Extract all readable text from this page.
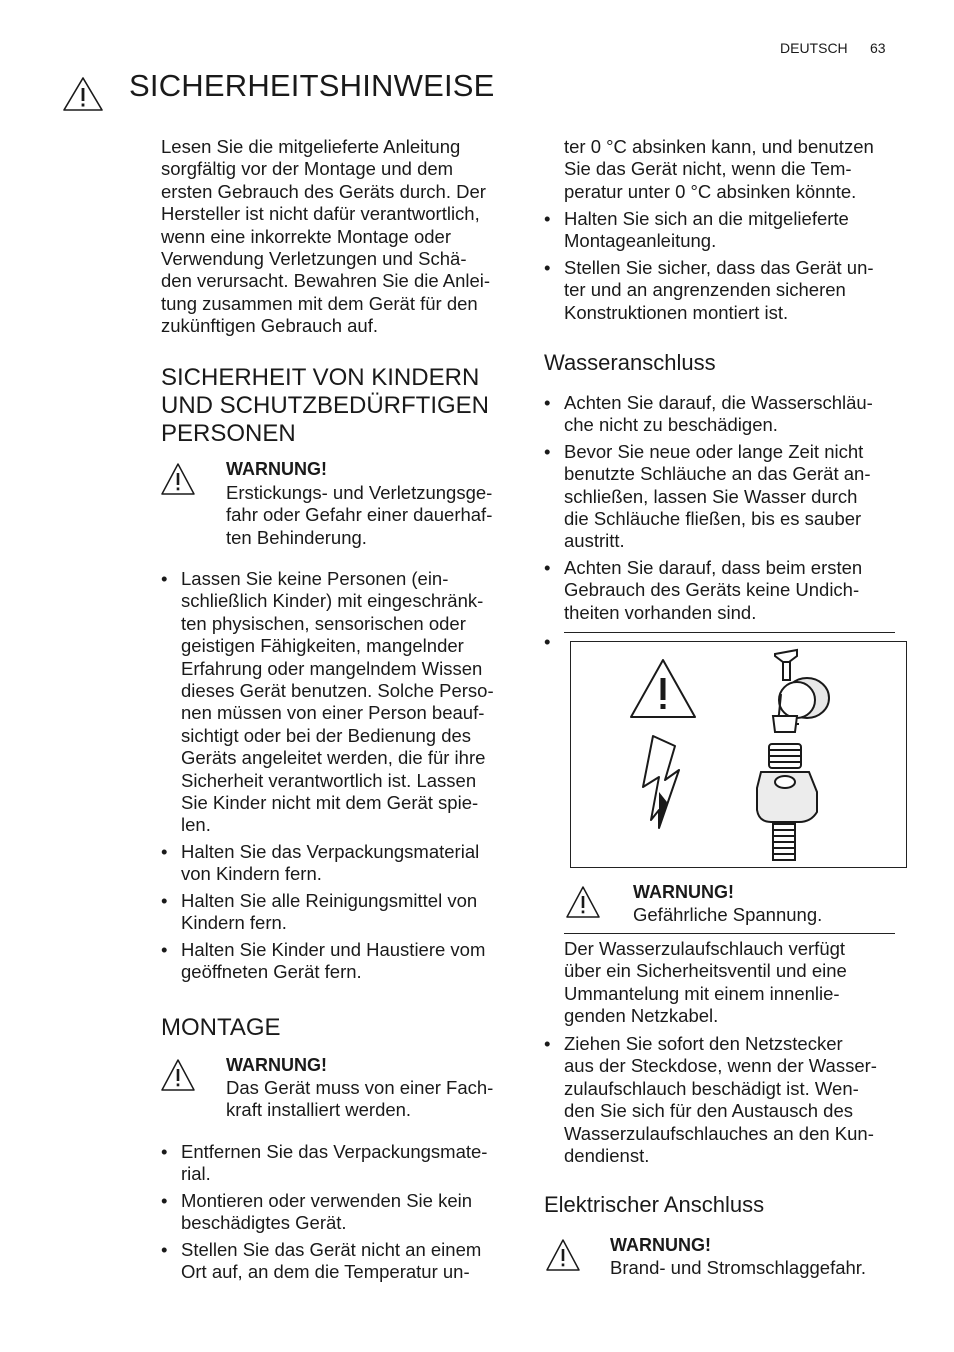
DEUTSCH 63
SICHERHEITSHINWEISE
Lesen Sie die mitgelieferte Anleitung
sorgfältig vor der Montage und dem
ersten Gebrauch des Geräts durch. Der
Hersteller ist nicht dafür verantwortlich,
wenn eine inkorrekte Montage oder
Verwendung Verletzungen und Schä-
den verursacht. Bewahren Sie die Anlei-
tung zusammen mit dem Gerät für den
zukünftigen Gebrauch auf.
SICHERHEIT VON KINDERN
UND SCHUTZBEDÜRFTIGEN
PERSONEN
WARNUNG!
Erstickungs- und Verletzungsge-
fahr oder Gefahr einer dauerhaf-
ten Behinderung.
• Lassen Sie keine Personen (ein-
schließlich Kinder) mit eingeschränk-
ten physischen, sensorischen oder
geistigen Fähigkeiten, mangelnder
Erfahrung oder mangelndem Wissen
dieses Gerät benutzen. Solche Perso-
nen müssen von einer Person beauf-
sichtigt oder bei der Bedienung des
Geräts angeleitet werden, die für ihre
Sicherheit verantwortlich ist. Lassen
Sie Kinder nicht mit dem Gerät spie-
len.
• Halten Sie das Verpackungsmaterial
von Kindern fern.
• Halten Sie alle Reinigungsmittel von
Kindern fern.
• Halten Sie Kinder und Haustiere vom
geöffneten Gerät fern.
MONTAGE
WARNUNG!
Das Gerät muss von einer Fach-
kraft installiert werden.
• Entfernen Sie das Verpackungsmate-
rial.
• Montieren oder verwenden Sie kein
beschädigtes Gerät.
• Stellen Sie das Gerät nicht an einem
Ort auf, an dem die Temperatur un-
ter 0 °C absinken kann, und benutzen
Sie das Gerät nicht, wenn die Tem-
peratur unter 0 °C absinken könnte.
• Halten Sie sich an die mitgelieferte
Montageanleitung.
• Stellen Sie sicher, dass das Gerät un-
ter und an angrenzenden sicheren
Konstruktionen montiert ist.
Wasseranschluss
• Achten Sie darauf, die Wasserschläu-
che nicht zu beschädigen.
• Bevor Sie neue oder lange Zeit nicht
benutzte Schläuche an das Gerät an-
schließen, lassen Sie Wasser durch
die Schläuche fließen, bis es sauber
austritt.
• Achten Sie darauf, dass beim ersten
Gebrauch des Geräts keine Undich-
theiten vorhanden sind.
•
WARNUNG!
Gefährliche Spannung.
Der Wasserzulaufschlauch verfügt
über ein Sicherheitsventil und eine
Ummantelung mit einem innenlie-
genden Netzkabel.
• Ziehen Sie sofort den Netzstecker
aus der Steckdose, wenn der Wasser-
zulaufschlauch beschädigt ist. Wen-
den Sie sich für den Austausch des
Wasserzulaufschlauches an den Kun-
dendienst.
Elektrischer Anschluss
WARNUNG!
Brand- und Stromschlaggefahr.
